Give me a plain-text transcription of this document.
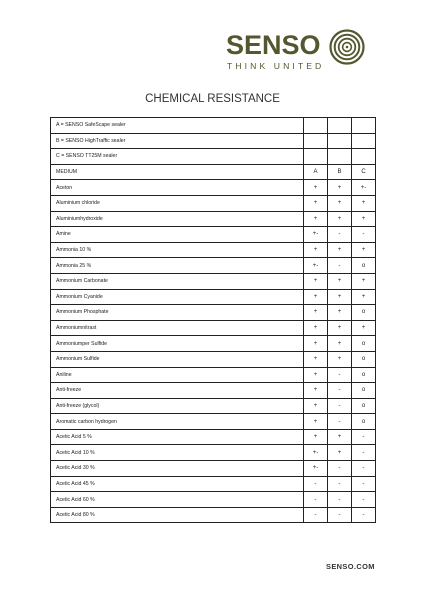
SENSO
THINK UNITED
CHEMICAL RESISTANCE
A = SENSO SafeScape sealer			
B = SENSO HighTraffic sealer			
C = SENSO TT25M sealer			
MEDIUM	A	B	C
Aceton	+	+	+-
Aluminium chloride	+	+	+
Aluminiumhydroxide	+	+	+
Amine	+-	-	-
Ammonia 10 %	+	+	+
Ammonia 25 %	+-	-	o
Ammonium Carbonate	+	+	+
Ammonium Cyanide	+	+	+
Ammonium Phosphate	+	+	o
Ammoniumnitrast	+	+	+
Ammoniumper Sulfide	+	+	o
Ammonium Sulfide	+	+	o
Aniline	+	-	o
Anti-freeze	+	-	o
Anti-freeze (glycol)	+	-	o
Aromatic carbon hydrogen	+	-	o
Acetic Acid 5 %	+	+	-
Acetic Acid 10 %	+-	+	-
Acetic Acid 30 %	+-	-	-
Acetic Acid 45 %	-	-	-
Acetic Acid 60 %	-	-	-
Acetic Acid 80 %	-	-	-
SENSO.COM
